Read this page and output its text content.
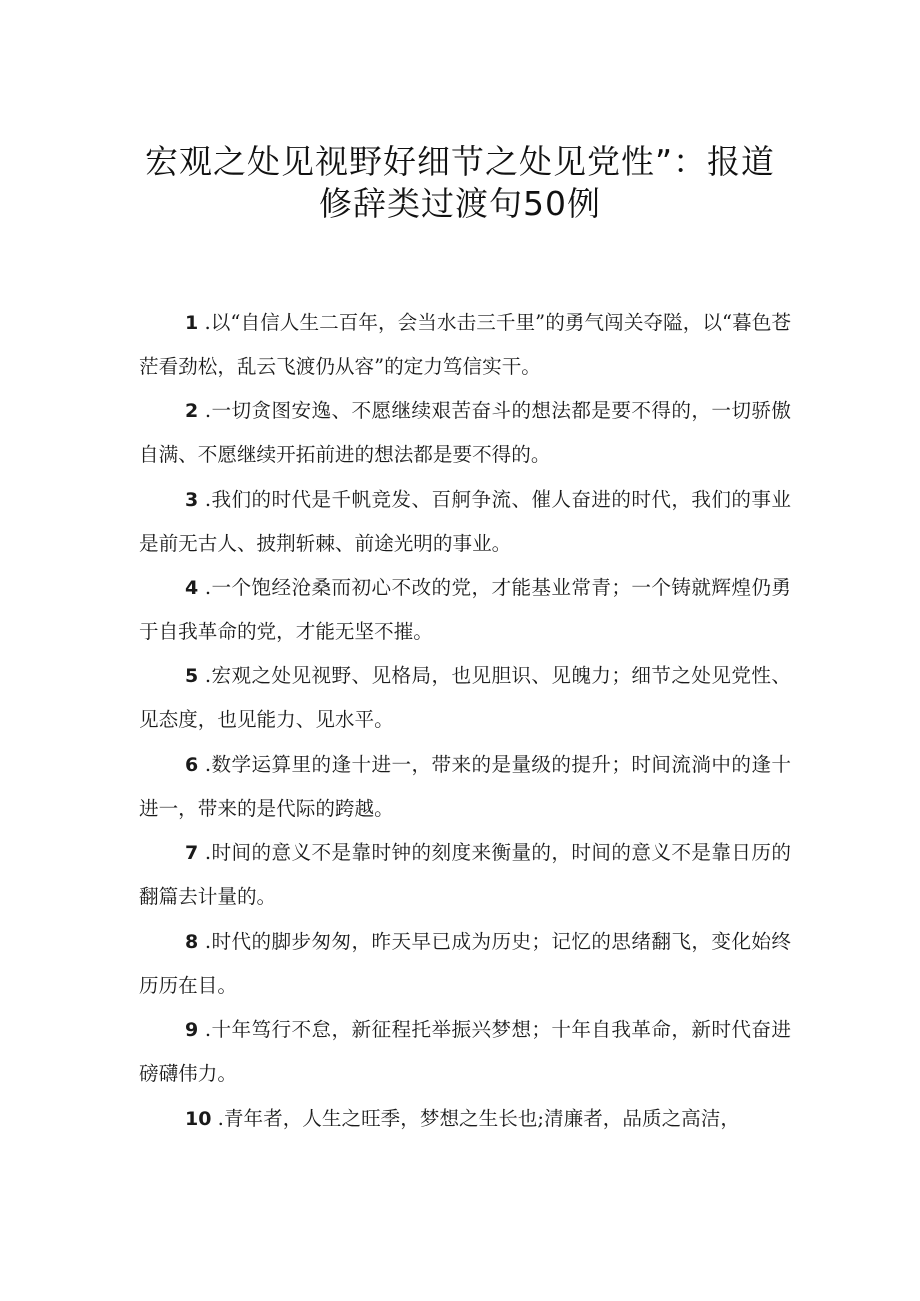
宏观之处见视野好细节之处见党性”：报道
修辞类过渡句50例

1 .以“自信人生二百年，会当水击三千里”的勇气闯关夺隘，以“暮色苍茫看劲松，乱云飞渡仍从容”的定力笃信实干。

2 .一切贪图安逸、不愿继续艰苦奋斗的想法都是要不得的，一切骄傲自满、不愿继续开拓前进的想法都是要不得的。

3 .我们的时代是千帆竞发、百舸争流、催人奋进的时代，我们的事业是前无古人、披荆斩棘、前途光明的事业。

4 .一个饱经沧桑而初心不改的党，才能基业常青；一个铸就辉煌仍勇于自我革命的党，才能无坚不摧。

5 .宏观之处见视野、见格局，也见胆识、见魄力；细节之处见党性、见态度，也见能力、见水平。

6 .数学运算里的逢十进一，带来的是量级的提升；时间流淌中的逢十进一，带来的是代际的跨越。

7 .时间的意义不是靠时钟的刻度来衡量的，时间的意义不是靠日历的翻篇去计量的。

8 .时代的脚步匆匆，昨天早已成为历史；记忆的思绪翻飞，变化始终历历在目。

9 .十年笃行不怠，新征程托举振兴梦想；十年自我革命，新时代奋进磅礴伟力。

10 .青年者，人生之旺季，梦想之生长也;清廉者，品质之高洁，
